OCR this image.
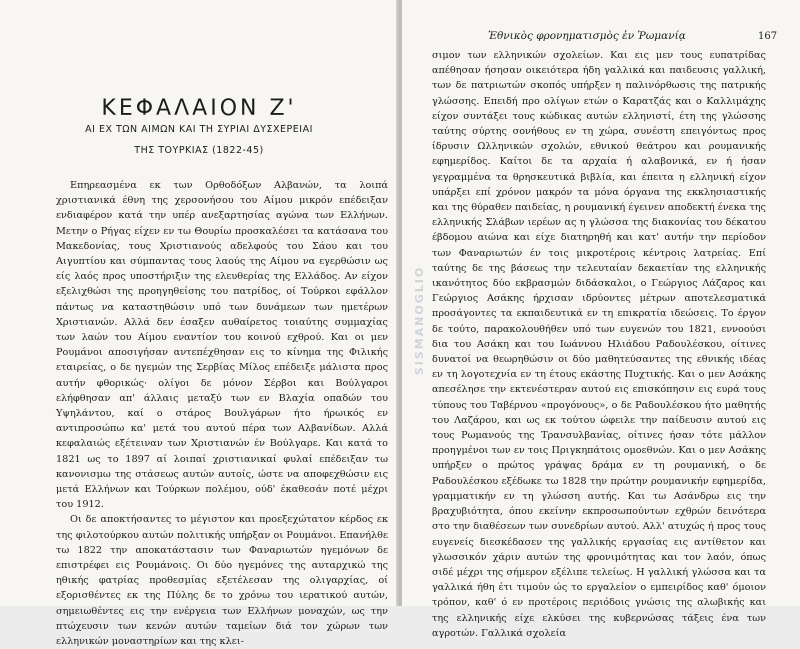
ΚΕΦΑΛΑΙΟΝ Ζ'
ΑΙ ΕΧ ΤΩΝ ΑΙΜΩΝ ΚΑΙ ΤΗ ΣΥΡΙΑΙ ΔΥΣΧΕΡΕΙΑΙ
ΤΗΣ ΤΟΥΡΚΙΑΣ (1822-45)

Επηρεασμένα εκ των Ορθοδόξων Αλβανών, τα λοιπά χριστιανικά έθνη της χερσονήσου του Αίμου μικρόν επέδειξαν ενδιαφέρον κατά την υπέρ ανεξαρτησίας αγώνα των Ελλήνων. Μετην ο Ρήγας είχεν εν τω Θουρίω προσκαλέσει τα κατάσανα του Μακεδονίας, τους Χριστιανούς αδελφούς του Σάου και του Αιγυπτίου και σύμπαντας τους λαούς της Αίμου να εγερθώσιν ως είς λαός προς υποστήριξιν της ελευθερίας της Ελλάδος. Αν είχον εξελιχθώσι της προηγηθείσης του πατρίδος, οί Τούρκοι εφάλλον πάντως να καταστηθώσιν υπό των δυνάμεων των ημετέρων Χριστιανών. Αλλά δεν έσαξεν αυθαίρετος τοιαύτης συμμαχίας των λαών του Αίμου εναντίον του κοινού εχθρού. Και οι μεν Ρουμάνοι αποσιγήσαν αντεπέχθησαν εις το κίνημα της Φιλικής εταιρείας, ο δε ηγεμών της Σερβίας Μίλος επέδειξε μάλιστα προς αυτήν φθορικώς· ολίγοι δε μόνον Σέρβοι και Βούλγαροι ελήφθησαν απ' άλλαις μεταξύ των εν Βλαχία οπαδών του Υψηλάντου, καί ο στάρος Βουλγάρων ήτο ήρωικός εν αντιπροσώπω κα' μετά του αυτού πέρα των Αλβανίδων. Αλλά κεφαλαιώς εξέτειναν των Χριστιανών έν Βούλγαρε. Και κατά το 1821 ως το 1897 αί λοιπαί χριστιανικαί φυλαί επέδειξαν τω κανονισμω της στάσεως αυτών αυτοίς, ώστε να αποφεχθώσιν εις μετά Ελλήνων και Τούρκων πολέμου, ούδ' έκαθεσάν ποτέ μέχρι του 1912.

Οι δε αποκτήσαντες το μέγιστον και προεξεχώτατον κέρδος εκ της φιλοτούρκου αυτών πολιτικής υπήρξαν οι Ρουμάνοι. Επανήλθε τω 1822 την αποκατάστασιν των Φαναριωτών ηγεμόνων δε επιστρέφει εις Ρουμάνοις. Οι δύο ηγεμόνες της αυταρχικώ της ηθικής φατρίας προθεσμίας εξετέλεσαν της ολιγαρχίας, οί εξορισθέντες εκ της Πύλης δε το χρόνω του ιερατικού αυτών, σημειωθέντες εις την ενέργεια των Ελλήνων μοναχών, ως την πτώχευσιν των κενών αυτών ταμείων διά τον χώρων των ελληνικών μοναστηρίων και της κλει-

Ἐθνικὸς φρονηματισμὸς ἐν Ῥωμανίᾳ	167

σιμον των ελληνικών σχολείων. Και εις μεν τους ευπατρίδας απέθησαν ήσησαν οικειότερα ήδη γαλλικά και παιδευσις γαλλική, των δε πατριωτών σκοπός υπήρξεν η παλινόρθωσις της πατρικής γλώσσης. Επειδή προ ολίγων ετών ο Καρατζάς και ο Καλλιμάχης είχον συντάξει τους κώδικας αυτών ελληνιστί, έτη της γλώσσης ταύτης σύρτης σονήθους εν τη χώρα, συνέστη επειγόντως προς ίδρυσιν Ωλληνικών σχολών, εθνικού θεάτρου και ρουμανικής εφημερίδος. Καίτοι δε τα αρχαία ή αλαβονικά, εν ή ήσαν γεγραμμένα τα θρησκευτικά βιβλία, και έπειτα η ελληνική είχον υπάρξει επί χρόνον μακρόν τα μόνα όργανα της εκκλησιαστικής και της θύραθεν παιδείας, η ρουμανική έγεινεν αποδεκτή ένεκα της ελληνικής Σλάβων ιερέων ας η γλώσσα της διακονίας του δέκατου έβδομου αιώνα και είχε διατηρηθή και κατ' αυτήν την περίοδον των Φαναριωτών έν τοις μικροτέροις κέντροις λατρείας. Επί ταύτης δε της βάσεως την τελευταίαν δεκαετίαν της ελληνικής ικανότητος δύο εκβρασμών διδάσκαλοι, ο Γεώργιος Λάζαρος και Γεώργιος Ασάκης ήρχισαν ιδρύοντες μέτρων αποτελεσματικά προσάγοντες τα εκπαιδευτικά εν τη επικρατία ιδεώσεις. Το έργον δε τούτο, παρακολουθήθεν υπό των ευγενών του 1821, εννοούσι δια του Ασάκη και του Ιωάννου Ηλιάδου Ραδουλέσκου, οίτινες δυνατοί να θεωρηθώσιν οι δύο μαθητεύσαντες της εθνικής ιδέας εν τη λογοτεχνία εν τη έτους εκάστης Πυχτικής. Και ο μεν Ασάκης απεσέλησε την εκτενέστεραν αυτού εις επισκόπησιν εις ευρά τους τύπους του Ταβέρνου «προγόνους», ο δε Ραδουλέσκου ήτο μαθητής του Λαζάρου, και ως εκ τούτου ώφειλε την παίδευσιν αυτού εις τους Ρωμανούς της Τρανσυλβανίας, οίτινες ήσαν τότε μάλλον προηγμένοι των εν τοις Πριγκηπάτοις ομοεθνών. Και ο μεν Ασάκης υπήρξεν ο πρώτος γράψας δράμα εν τη ρουμανική, ο δε Ραδουλέσκου εξέδωκε τω 1828 την πρώτην ρουμανικήν εφημερίδα, γραμματικήν εν τη γλώσση αυτής. Και τω Ασάνδρω εις την βραχυβιότητα, όπου εκείνην εκπροσωπούντων εχθρών δεινότερα στο την διαθέσεων των συνεδρίων αυτού. Αλλ' ατυχώς ή προς τους ευγενείς διεσκέδασεν της γαλλικής εργασίας εις αντίθετον και γλωσσικόν χάριν αυτών της φρονιμότητας και τον λαόν, όπως σιδέ μέχρι της σήμερον εξέλιπε τελείως. Η γαλλική γλώσσα και τα γαλλικά ήθη έτι τιμούν ώς το εργαλείον ο εμπειρίδος καθ' όμοιον τρόπον, καθ' ό εν προτέροις περιόδοις γνώσις της αλωβικής και της ελληνικής είχε ελκύσει της κυβερνώσας τάξεις ένα των αγροτών. Γαλλικά σχολεία

SISMANOGLIO
